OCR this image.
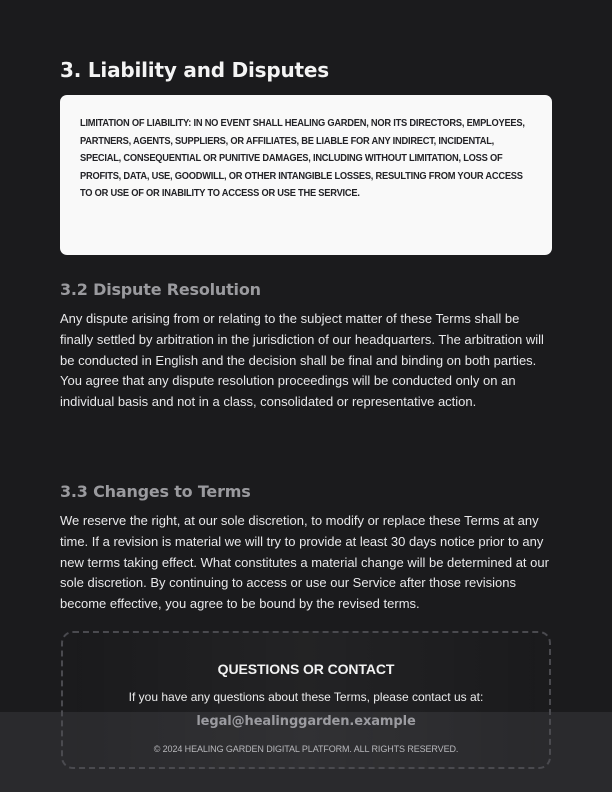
3. Liability and Disputes

LIMITATION OF LIABILITY: IN NO EVENT SHALL HEALING GARDEN, NOR ITS DIRECTORS, EMPLOYEES, PARTNERS, AGENTS, SUPPLIERS, OR AFFILIATES, BE LIABLE FOR ANY INDIRECT, INCIDENTAL, SPECIAL, CONSEQUENTIAL OR PUNITIVE DAMAGES, INCLUDING WITHOUT LIMITATION, LOSS OF PROFITS, DATA, USE, GOODWILL, OR OTHER INTANGIBLE LOSSES, RESULTING FROM YOUR ACCESS TO OR USE OF OR INABILITY TO ACCESS OR USE THE SERVICE.

3.2 Dispute Resolution

Any dispute arising from or relating to the subject matter of these Terms shall be finally settled by arbitration in the jurisdiction of our headquarters. The arbitration will be conducted in English and the decision shall be final and binding on both parties. You agree that any dispute resolution proceedings will be conducted only on an individual basis and not in a class, consolidated or representative action.

3.3 Changes to Terms

We reserve the right, at our sole discretion, to modify or replace these Terms at any time. If a revision is material we will try to provide at least 30 days notice prior to any new terms taking effect. What constitutes a material change will be determined at our sole discretion. By continuing to access or use our Service after those revisions become effective, you agree to be bound by the revised terms.

QUESTIONS OR CONTACT
If you have any questions about these Terms, please contact us at:
legal@healinggarden.example
© 2024 HEALING GARDEN DIGITAL PLATFORM. ALL RIGHTS RESERVED.
